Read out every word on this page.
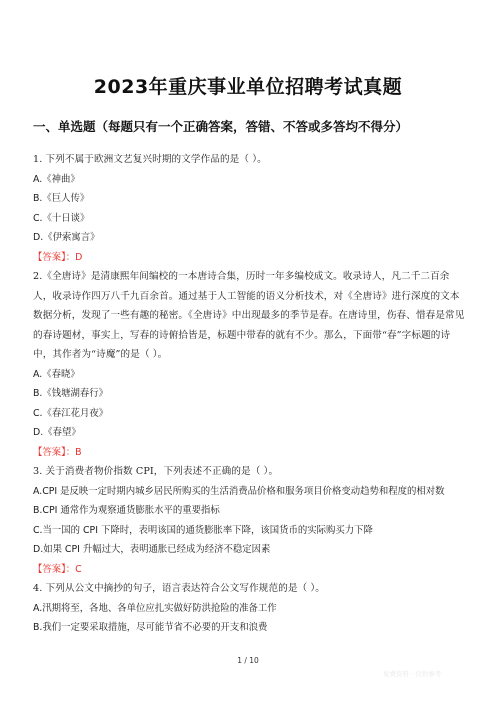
2023年重庆事业单位招聘考试真题
一、单选题（每题只有一个正确答案，答错、不答或多答均不得分）

1. 下列不属于欧洲文艺复兴时期的文学作品的是（ ）。

A.《神曲》

B.《巨人传》

C.《十日谈》

D.《伊索寓言》

【答案】：D

2.《全唐诗》是清康熙年间编校的一本唐诗合集，历时一年多编校成文。收录诗人，凡二千二百余人，收录诗作四万八千九百余首。通过基于人工智能的语义分析技术，对《全唐诗》进行深度的文本数据分析，发现了一些有趣的秘密。《全唐诗》中出现最多的季节是春。在唐诗里，伤春、惜春是常见的春诗题材，事实上，写春的诗俯拾皆是，标题中带春的就有不少。那么，下面带“春”字标题的诗中，其作者为“诗魔”的是（ ）。

A.《春晓》

B.《钱塘湖春行》

C.《春江花月夜》

D.《春望》

【答案】：B

3. 关于消费者物价指数 CPI，下列表述不正确的是（ ）。

A.CPI 是反映一定时期内城乡居民所购买的生活消费品价格和服务项目价格变动趋势和程度的相对数

B.CPI 通常作为观察通货膨胀水平的重要指标

C.当一国的 CPI 下降时，表明该国的通货膨胀率下降，该国货币的实际购买力下降

D.如果 CPI 升幅过大，表明通胀已经成为经济不稳定因素

【答案】：C

4. 下列从公文中摘抄的句子，语言表达符合公文写作规范的是（ ）。

A.汛期将至，各地、各单位应扎实做好防洪抢险的准备工作

B.我们一定要采取措施，尽可能节省不必要的开支和浪费

1 / 10
免费资料 · 仅供参考
